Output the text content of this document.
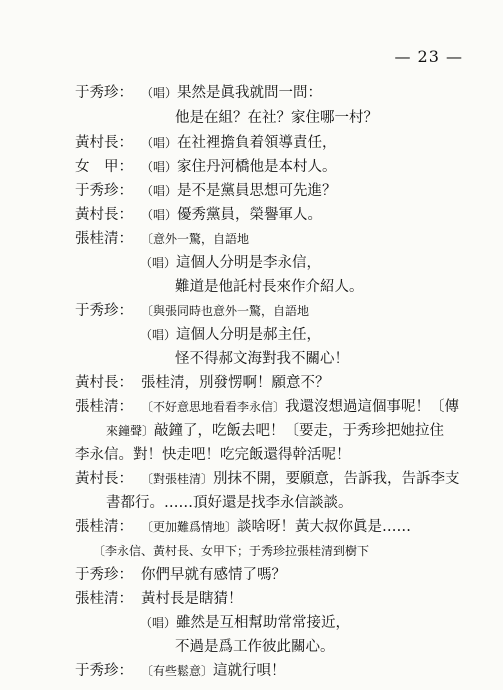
— 23 —
于秀珍： （唱）果然是眞我就問一問：
他是在組？在社？家住哪一村？
黃村長： （唱）在社裡擔負着領導責任，
女　甲： （唱）家住丹河橋他是本村人。
于秀珍： （唱）是不是黨員思想可先進？
黃村長： （唱）優秀黨員，榮譽軍人。
張桂清： 〔意外一驚，自語地
（唱）這個人分明是李永信，
難道是他託村長來作介紹人。
于秀珍： 〔與張同時也意外一驚，自語地
（唱）這個人分明是郝主任，
怪不得郝文海對我不關心！
黃村長： 張桂清，別發愣啊！願意不？
張桂清： 〔不好意思地看看李永信〕我還沒想過這個事呢！〔傳
來鐘聲〕敲鐘了，吃飯去吧！〔要走，于秀珍把她拉住
李永信。對！快走吧！吃完飯還得幹活呢！
黃村長： 〔對張桂清〕別抹不開，要願意，告訴我，告訴李支
書都行。……頂好還是找李永信談談。
張桂清： 〔更加難爲情地〕談啥呀！黃大叔你眞是……
〔李永信、黃村長、女甲下；于秀珍拉張桂清到樹下
于秀珍： 你們早就有感情了嗎？
張桂清： 黃村長是瞎猜！
（唱）雖然是互相幫助常常接近，
不過是爲工作彼此關心。
于秀珍： 〔有些鬆意〕這就行唄！
